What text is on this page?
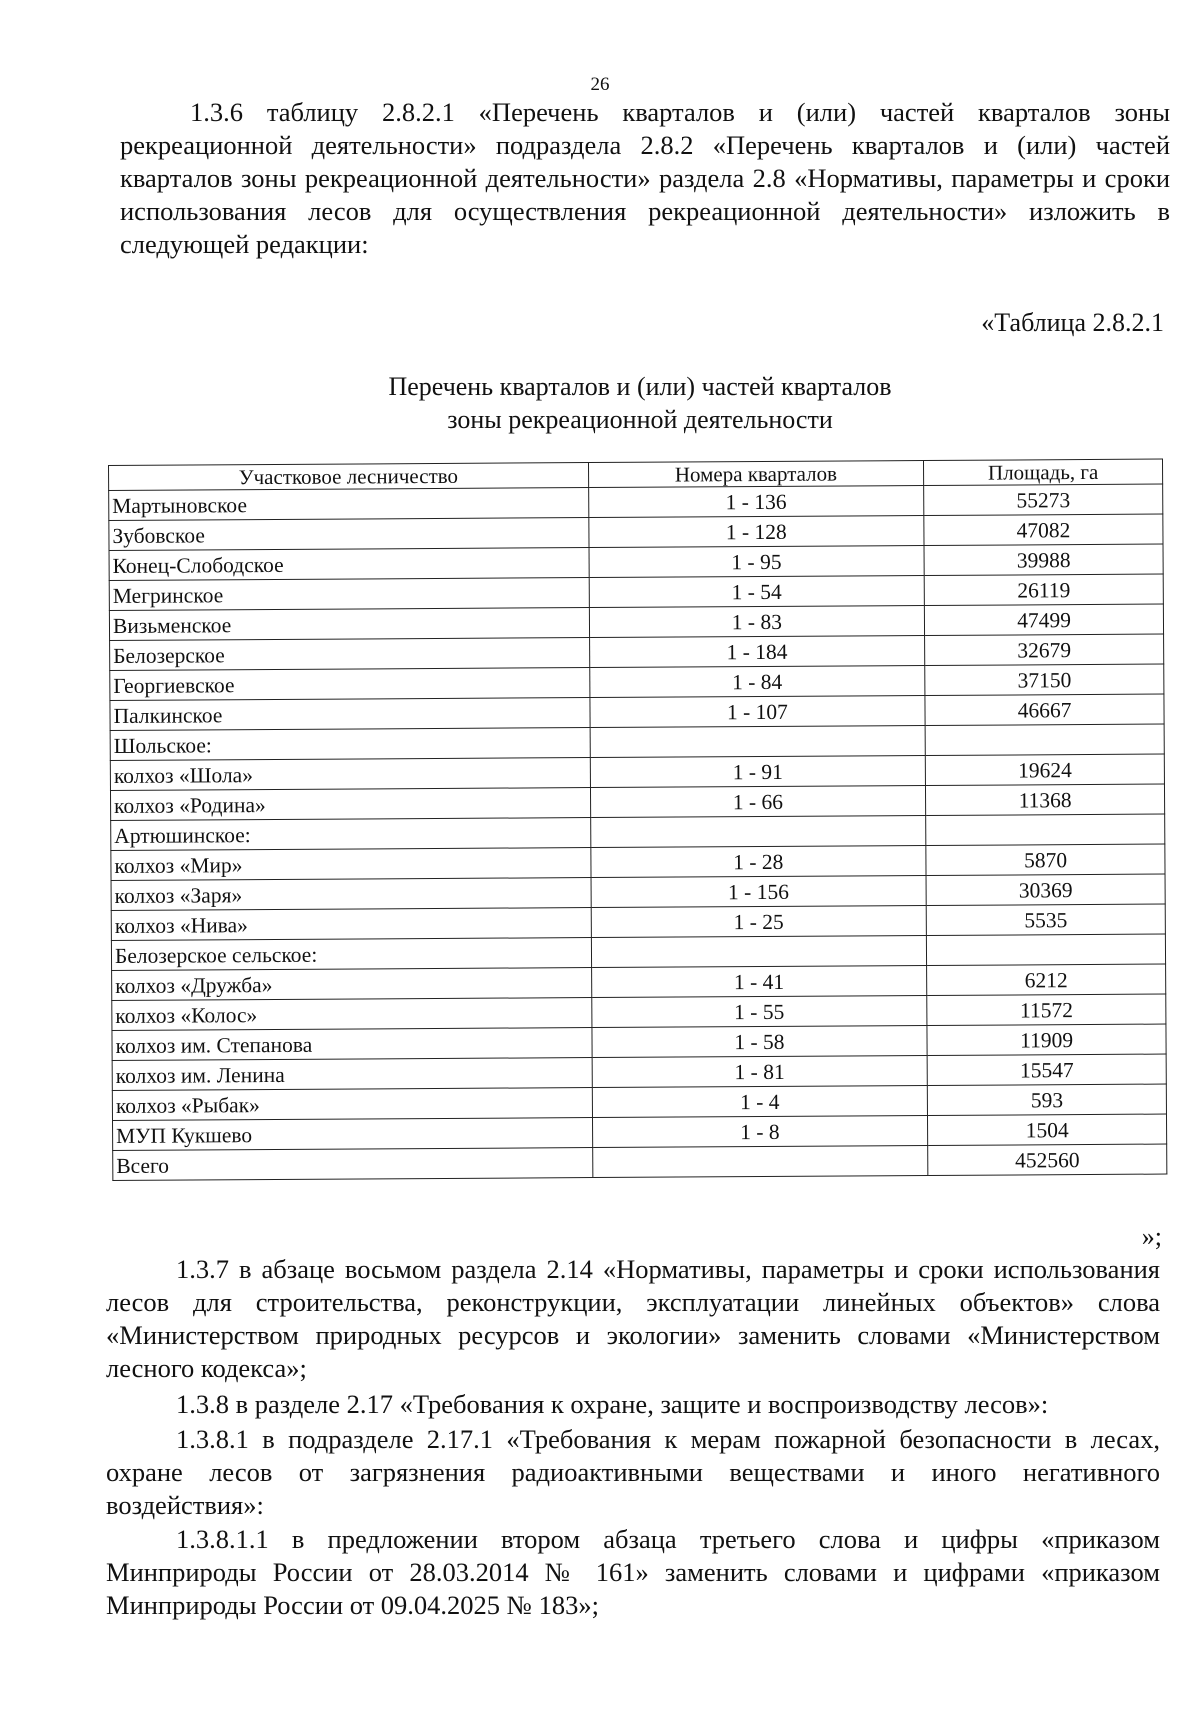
26
1.3.6 таблицу 2.8.2.1 «Перечень кварталов и (или) частей кварталов зоны рекреационной деятельности» подраздела 2.8.2 «Перечень кварталов и (или) частей кварталов зоны рекреационной деятельности» раздела 2.8 «Нормативы, параметры и сроки использования лесов для осуществления рекреационной деятельности» изложить в следующей редакции:
«Таблица 2.8.2.1
Перечень кварталов и (или) частей кварталов
зоны рекреационной деятельности
Участковое лесничество	Номера кварталов	Площадь, га
Мартыновское	1 - 136	55273
Зубовское	1 - 128	47082
Конец-Слободское	1 - 95	39988
Мегринское	1 - 54	26119
Визьменское	1 - 83	47499
Белозерское	1 - 184	32679
Георгиевское	1 - 84	37150
Палкинское	1 - 107	46667
Шольское:		
колхоз «Шола»	1 - 91	19624
колхоз «Родина»	1 - 66	11368
Артюшинское:		
колхоз «Мир»	1 - 28	5870
колхоз «Заря»	1 - 156	30369
колхоз «Нива»	1 - 25	5535
Белозерское сельское:		
колхоз «Дружба»	1 - 41	6212
колхоз «Колос»	1 - 55	11572
колхоз им. Степанова	1 - 58	11909
колхоз им. Ленина	1 - 81	15547
колхоз «Рыбак»	1 - 4	593
МУП Кукшево	1 - 8	1504
Всего		452560
»;
1.3.7 в абзаце восьмом раздела 2.14 «Нормативы, параметры и сроки использования лесов для строительства, реконструкции, эксплуатации линейных объектов» слова «Министерством природных ресурсов и экологии» заменить словами «Министерством лесного кодекса»;
1.3.8 в разделе 2.17 «Требования к охране, защите и воспроизводству лесов»:
1.3.8.1 в подразделе 2.17.1 «Требования к мерам пожарной безопасности в лесах, охране лесов от загрязнения радиоактивными веществами и иного негативного воздействия»:
1.3.8.1.1 в предложении втором абзаца третьего слова и цифры «приказом Минприроды России от 28.03.2014 № 161» заменить словами и цифрами «приказом Минприроды России от 09.04.2025 № 183»;
